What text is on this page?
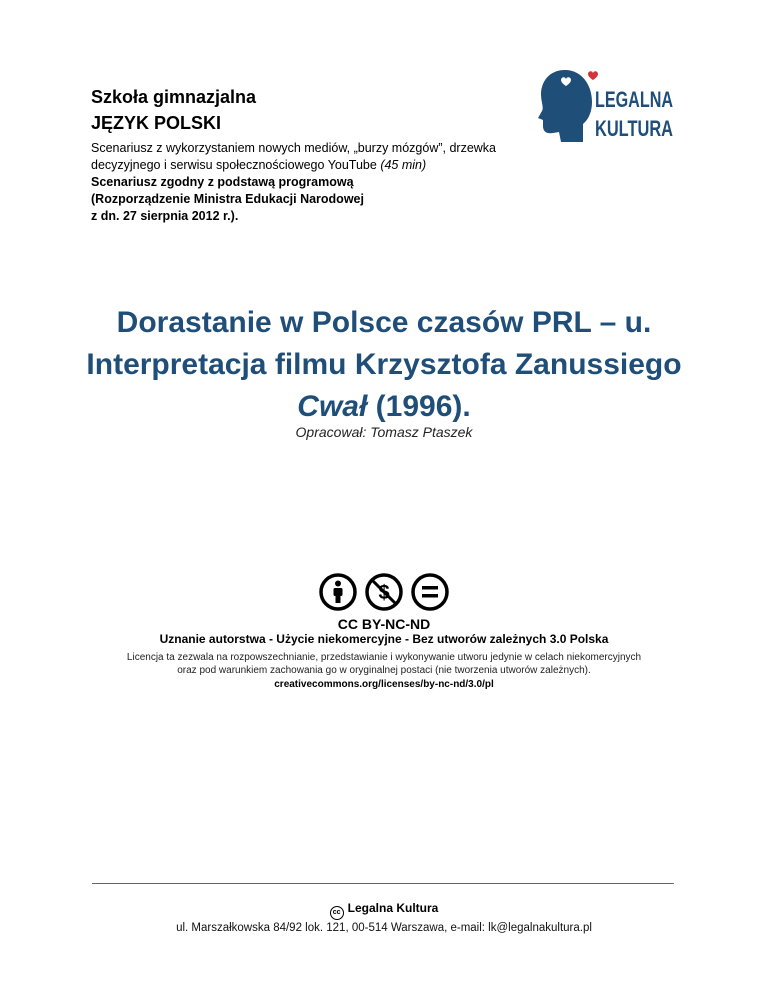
Szkoła gimnazjalna
JĘZYK POLSKI
Scenariusz z wykorzystaniem nowych mediów, „burzy mózgów”, drzewka decyzyjnego i serwisu społecznościowego YouTube (45 min)
Scenariusz zgodny z podstawą programową
(Rozporządzenie Ministra Edukacji Narodowej
z dn. 27 sierpnia 2012 r.).
LEGALNA
KULTURA
Dorastanie w Polsce czasów PRL – u.
Interpretacja filmu Krzysztofa Zanussiego
Cwał (1996).
Opracował: Tomasz Ptaszek
$
CC BY-NC-ND
Uznanie autorstwa - Użycie niekomercyjne - Bez utworów zależnych 3.0 Polska
Licencja ta zezwala na rozpowszechnianie, przedstawianie i wykonywanie utworu jedynie w celach niekomercyjnych
oraz pod warunkiem zachowania go w oryginalnej postaci (nie tworzenia utworów zależnych).
creativecommons.org/licenses/by-nc-nd/3.0/pl
cc Legalna Kultura
ul. Marszałkowska 84/92 lok. 121, 00-514 Warszawa, e-mail: lk@legalnakultura.pl
